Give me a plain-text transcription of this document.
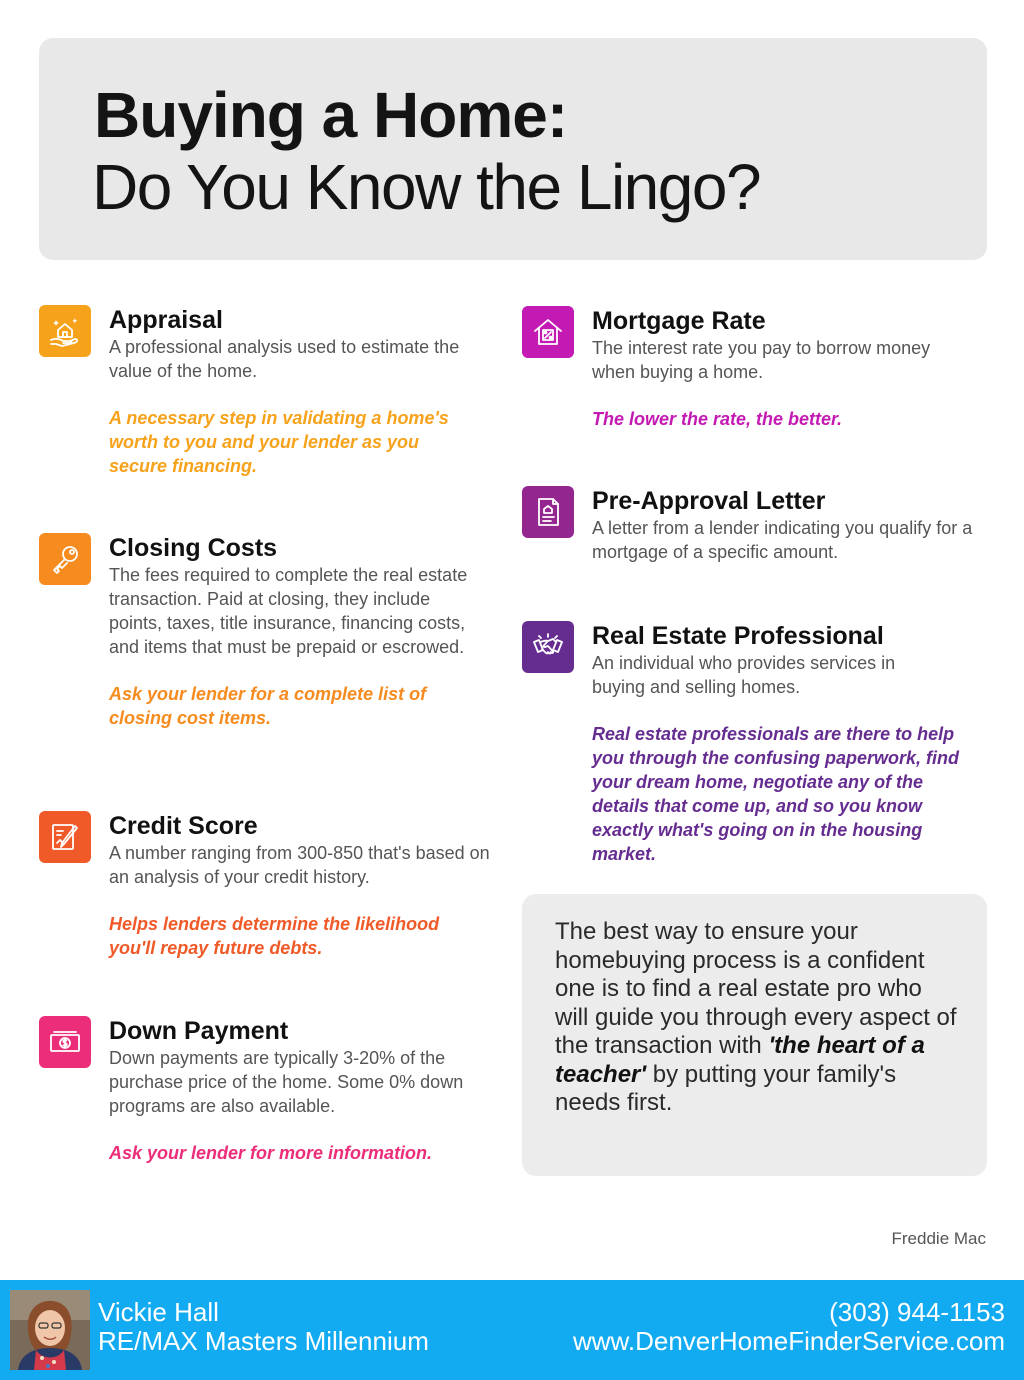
Buying a Home:
Do You Know the Lingo?
Appraisal

A professional analysis used to estimate the value of the home.

A necessary step in validating a home's worth to you and your lender as you secure financing.

Closing Costs

The fees required to complete the real estate transaction. Paid at closing, they include points, taxes, title insurance, financing costs, and items that must be prepaid or escrowed.

Ask your lender for a complete list of closing cost items.

Credit Score

A number ranging from 300-850 that's based on an analysis of your credit history.

Helps lenders determine the likelihood you'll repay future debts.

Down Payment

Down payments are typically 3-20% of the purchase price of the home. Some 0% down programs are also available.

Ask your lender for more information.

Mortgage Rate

The interest rate you pay to borrow money when buying a home.

The lower the rate, the better.

Pre-Approval Letter

A letter from a lender indicating you qualify for a mortgage of a specific amount.

Real Estate Professional

An individual who provides services in buying and selling homes.

Real estate professionals are there to help you through the confusing paperwork, find your dream home, negotiate any of the details that come up, and so you know exactly what's going on in the housing market.

The best way to ensure your homebuying process is a confident one is to find a real estate pro who will guide you through every aspect of the transaction with 'the heart of a teacher' by putting your family's needs first.

Freddie Mac
Vickie Hall
RE/MAX Masters Millennium
(303) 944-1153
www.DenverHomeFinderService.com
